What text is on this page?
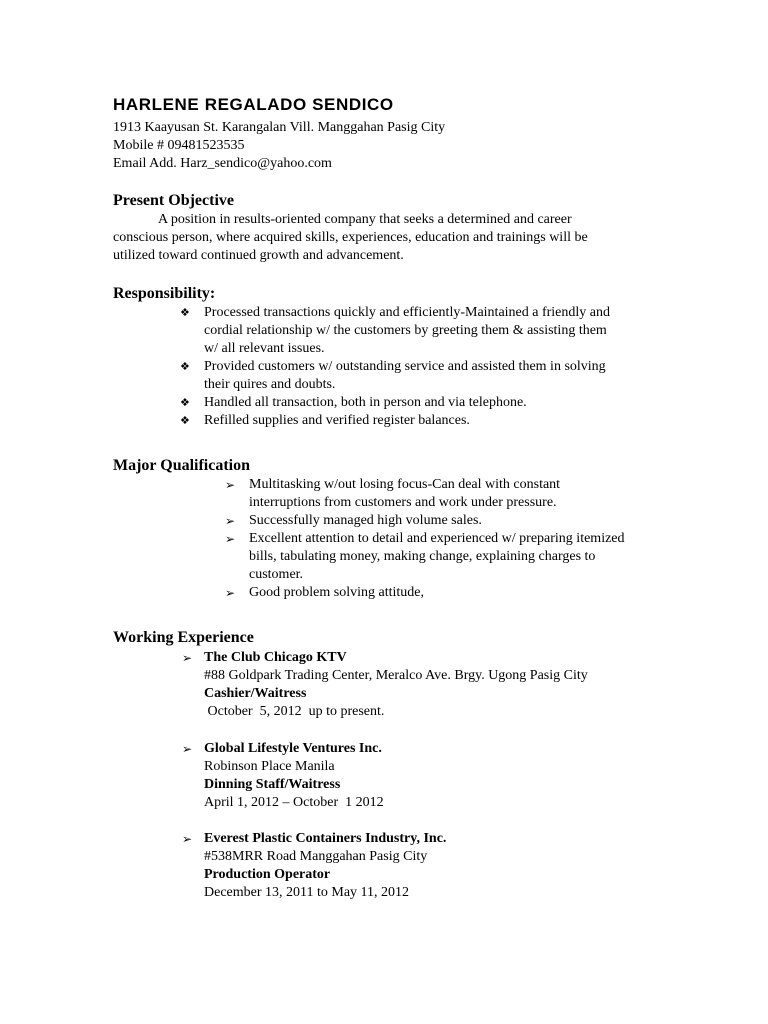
HARLENE REGALADO SENDICO
1913 Kaayusan St. Karangalan Vill. Manggahan Pasig City
Mobile # 09481523535
Email Add. Harz_sendico@yahoo.com
Present Objective
A position in results-oriented company that seeks a determined and career
conscious person, where acquired skills, experiences, education and trainings will be
utilized toward continued growth and advancement.
Responsibility:
❖ Processed transactions quickly and efficiently-Maintained a friendly and
cordial relationship w/ the customers by greeting them & assisting them
w/ all relevant issues.
❖ Provided customers w/ outstanding service and assisted them in solving
their quires and doubts.
❖ Handled all transaction, both in person and via telephone.
❖ Refilled supplies and verified register balances.
Major Qualification
➢ Multitasking w/out losing focus-Can deal with constant
interruptions from customers and work under pressure.
➢ Successfully managed high volume sales.
➢ Excellent attention to detail and experienced w/ preparing itemized
bills, tabulating money, making change, explaining charges to
customer.
➢ Good problem solving attitude,
Working Experience
➢ The Club Chicago KTV
#88 Goldpark Trading Center, Meralco Ave. Brgy. Ugong Pasig City
Cashier/Waitress
October  5, 2012  up to present.
➢ Global Lifestyle Ventures Inc.
Robinson Place Manila
Dinning Staff/Waitress
April 1, 2012 – October  1 2012
➢ Everest Plastic Containers Industry, Inc.
#538MRR Road Manggahan Pasig City
Production Operator
December 13, 2011 to May 11, 2012
